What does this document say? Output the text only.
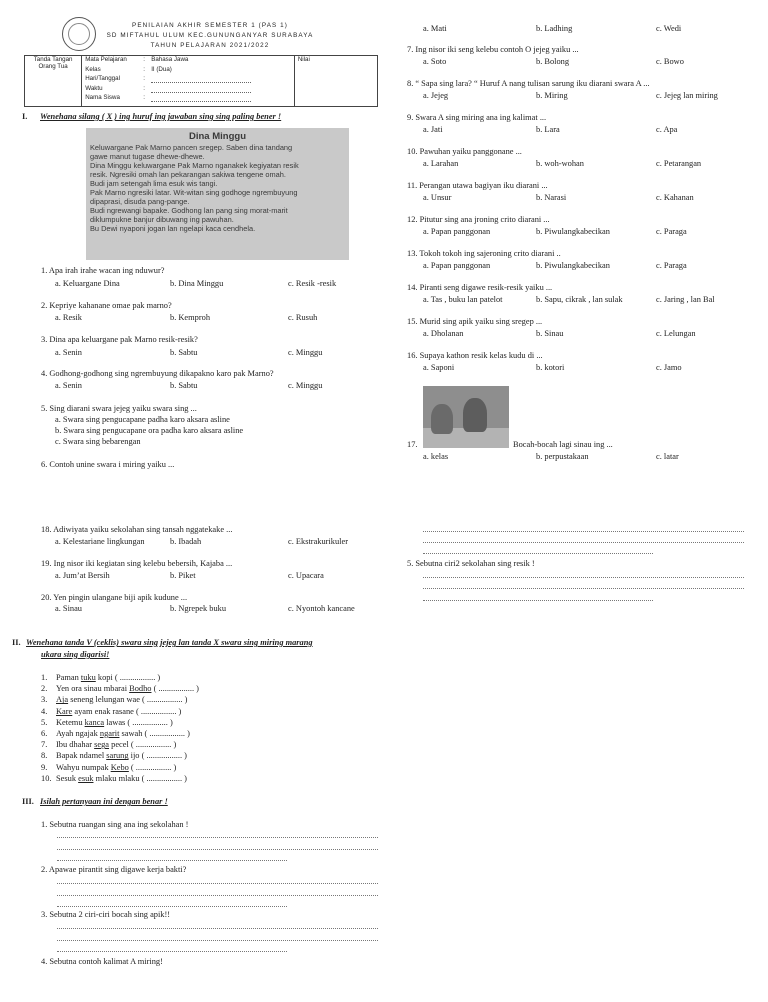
PENILAIAN AKHIR SEMESTER 1 (PAS 1)
SD MIFTAHUL ULUM KEC.GUNUNGANYAR SURABAYA
TAHUN PELAJARAN 2021/2022
Tanda Tangan
Orang Tua

Mata Pelajaran	:	Bahasa Jawa
Kelas	:	II (Dua)
Hari/Tanggal	:
Waktu	:
Nama Siswa	:
	Nilai
I. Wenehana silang ( X ) ing huruf ing jawaban sing sing paling bener !
Dina Minggu
Keluwargane Pak Marno pancen sregep. Saben dina tandang
gawe manut tugase dhewe-dhewe.
Dina Minggu keluwargane Pak Marno nganakek kegiyatan resik
resik. Ngresiki omah lan pekarangan sakiwa tengene omah.
Budi jam setengah lima esuk wis tangi.
Pak Marno ngresiki latar. Wit-witan sing godhoge ngrembuyung
dipaprasi, disuda pang-pange.
Budi ngrewangi bapake. Godhong lan pang sing morat-marit
diklumpukne banjur dibuwang ing pawuhan.
Bu Dewi nyaponi jogan lan ngelapi kaca cendhela.
1. Apa irah irahe wacan ing nduwur?
a. Keluargane Dina	b. Dina Minggu	c. Resik -resik
2. Kepriye kahanane omae pak marno?
a. Resik	b. Kemproh	c. Rusuh
3. Dina apa keluargane pak Marno resik-resik?
a. Senin	b. Sabtu	c. Minggu
4. Godhong-godhong sing ngrembuyung dikapakno karo pak Marno?
a. Senin	b. Sabtu	c. Minggu
5. Sing diarani swara jejeg yaiku swara sing ...
a. Swara sing pengucapane padha karo aksara asline
b. Swara sing pengucapane ora padha karo aksara asline
c. Swara sing bebarengan
6. Contoh unine swara i miring yaiku ...
18. Adiwiyata yaiku sekolahan sing tansah nggatekake ...
a. Kelestariane lingkungan	b. Ibadah	c. Ekstrakurikuler
19. Ing nisor iki kegiatan sing kelebu bebersih, Kajaba ...
a. Jum’at Bersih	b. Piket	c. Upacara
20. Yen pingin ulangane biji apik kudune ...
a. Sinau	b. Ngrepek buku	c. Nyontoh kancane
II. Wenehana tanda V (ceklis) swara sing jejeg lan tanda X swara sing miring marang
ukara sing digarisi!
1. Paman tuku kopi ( ................. )
2. Yen ora sinau mbarai Bodho ( ................. )
3. Aja seneng lelungan wae ( ................. )
4. Kare ayam enak rasane ( ................. )
5. Ketemu kanca lawas ( ................. )
6. Ayah ngajak ngarit sawah ( ................. )
7. Ibu dhahar sega pecel ( ................. )
8. Bapak ndamel sarung ijo ( ................. )
9. Wahyu numpak Kebo ( ................. )
10. Sesuk esuk mlaku mlaku ( ................. )
III. Isilah pertanyaan ini dengan benar !
1. Sebutna ruangan sing ana ing sekolahan !
2. Apawae pirantit sing digawe kerja bakti?
3. Sebutna 2 ciri-ciri bocah sing apik!!
4. Sebutna contoh kalimat A miring!
a. Mati	b. Ladhing	c. Wedi
7. Ing nisor iki seng kelebu contoh O jejeg yaiku ...
a. Soto	b. Bolong	c. Bowo
8. “ Sapa sing lara? “ Huruf A nang tulisan sarung iku diarani swara A ...
a. Jejeg	b. Miring	c. Jejeg lan miring
9. Swara A sing miring ana ing kalimat ...
a. Jati	b. Lara	c. Apa
10. Pawuhan yaiku panggonane ...
a. Larahan	b. woh-wohan	c. Petarangan
11. Perangan utawa bagiyan iku diarani ...
a. Unsur	b. Narasi	c. Kahanan
12. Pitutur sing ana jroning crito diarani ...
a. Papan panggonan	b. Piwulangkabecikan	c. Paraga
13. Tokoh tokoh ing sajeroning crito diarani ..
a. Papan panggonan	b. Piwulangkabecikan	c. Paraga
14. Piranti seng digawe resik-resik yaiku ...
a. Tas , buku lan patelot	b. Sapu, cikrak , lan sulak	c. Jaring , lan Bal
15. Murid sing apik yaiku sing sregep ...
a. Dholanan	b. Sinau	c. Lelungan
16. Supaya kathon resik kelas kudu di ...
a. Saponi	b. kotori	c. Jamo
17.	Bocah-bocah lagi sinau ing ...
a. kelas	b. perpustakaan	c. latar
5. Sebutna ciri2 sekolahan sing resik !
